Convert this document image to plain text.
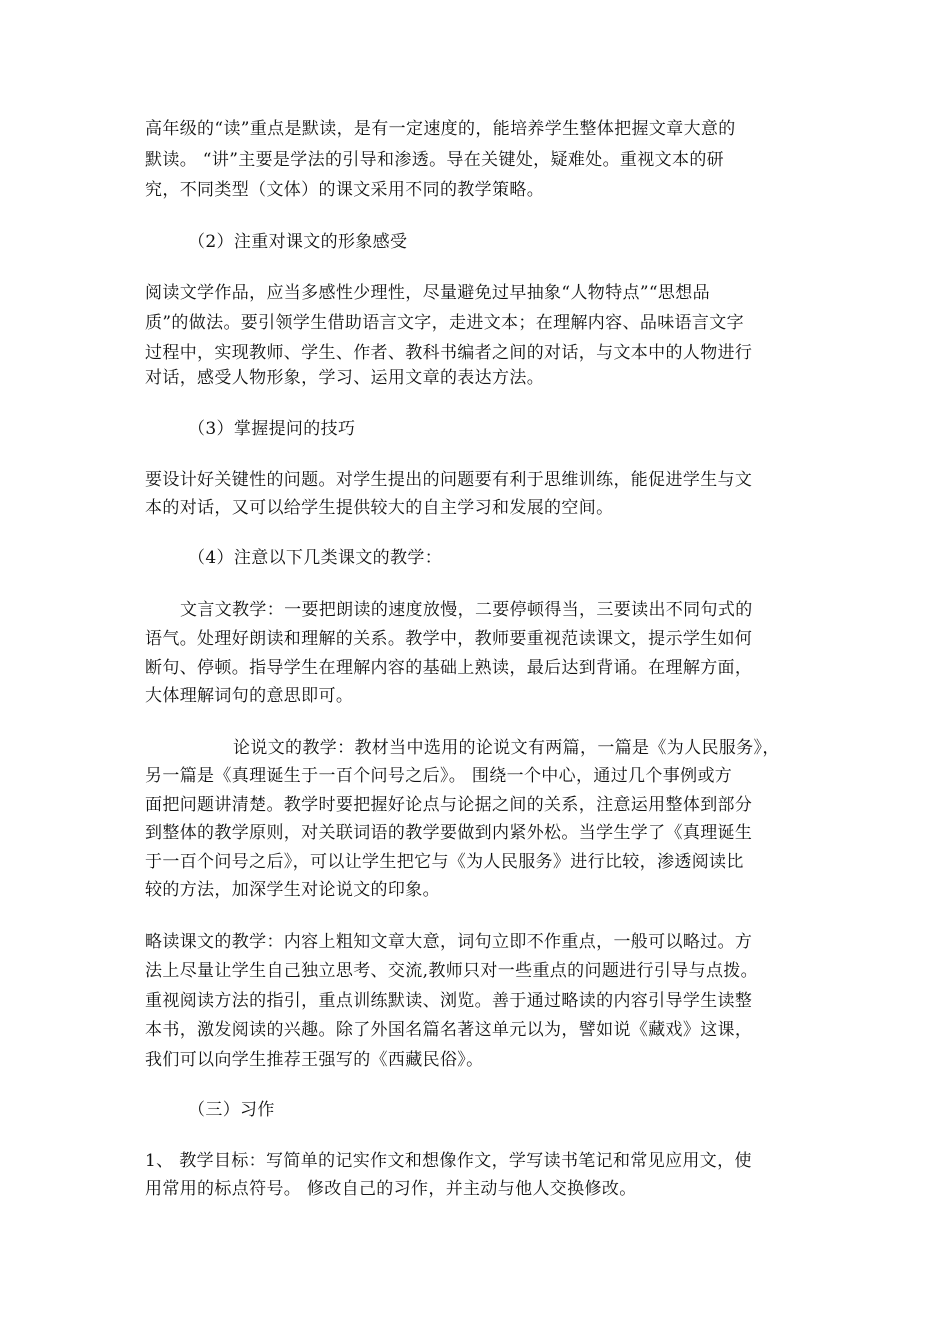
高年级的“读”重点是默读，是有一定速度的，能培养学生整体把握文章大意的
默读。 “讲”主要是学法的引导和渗透。导在关键处，疑难处。重视文本的研
究，不同类型（文体）的课文采用不同的教学策略。
（2）注重对课文的形象感受
阅读文学作品，应当多感性少理性，尽量避免过早抽象“人物特点”“思想品
质”的做法。要引领学生借助语言文字，走进文本；在理解内容、品味语言文字
过程中，实现教师、学生、作者、教科书编者之间的对话，与文本中的人物进行
对话，感受人物形象，学习、运用文章的表达方法。
（3）掌握提问的技巧
要设计好关键性的问题。对学生提出的问题要有利于思维训练，能促进学生与文
本的对话，又可以给学生提供较大的自主学习和发展的空间。
（4）注意以下几类课文的教学：
文言文教学：一要把朗读的速度放慢，二要停顿得当，三要读出不同句式的
语气。处理好朗读和理解的关系。教学中，教师要重视范读课文，提示学生如何
断句、停顿。指导学生在理解内容的基础上熟读，最后达到背诵。在理解方面，
大体理解词句的意思即可。
论说文的教学：教材当中选用的论说文有两篇，一篇是《为人民服务》，
另一篇是《真理诞生于一百个问号之后》。 围绕一个中心，通过几个事例或方
面把问题讲清楚。教学时要把握好论点与论据之间的关系，注意运用整体到部分
到整体的教学原则，对关联词语的教学要做到内紧外松。当学生学了《真理诞生
于一百个问号之后》，可以让学生把它与《为人民服务》进行比较，渗透阅读比
较的方法，加深学生对论说文的印象。
略读课文的教学：内容上粗知文章大意，词句立即不作重点，一般可以略过。方
法上尽量让学生自己独立思考、交流,教师只对一些重点的问题进行引导与点拨。
重视阅读方法的指引，重点训练默读、浏览。善于通过略读的内容引导学生读整
本书，激发阅读的兴趣。除了外国名篇名著这单元以为，譬如说《藏戏》这课，
我们可以向学生推荐王强写的《西藏民俗》。
（三）习作
1、 教学目标：写简单的记实作文和想像作文，学写读书笔记和常见应用文，使
用常用的标点符号。 修改自己的习作，并主动与他人交换修改。
